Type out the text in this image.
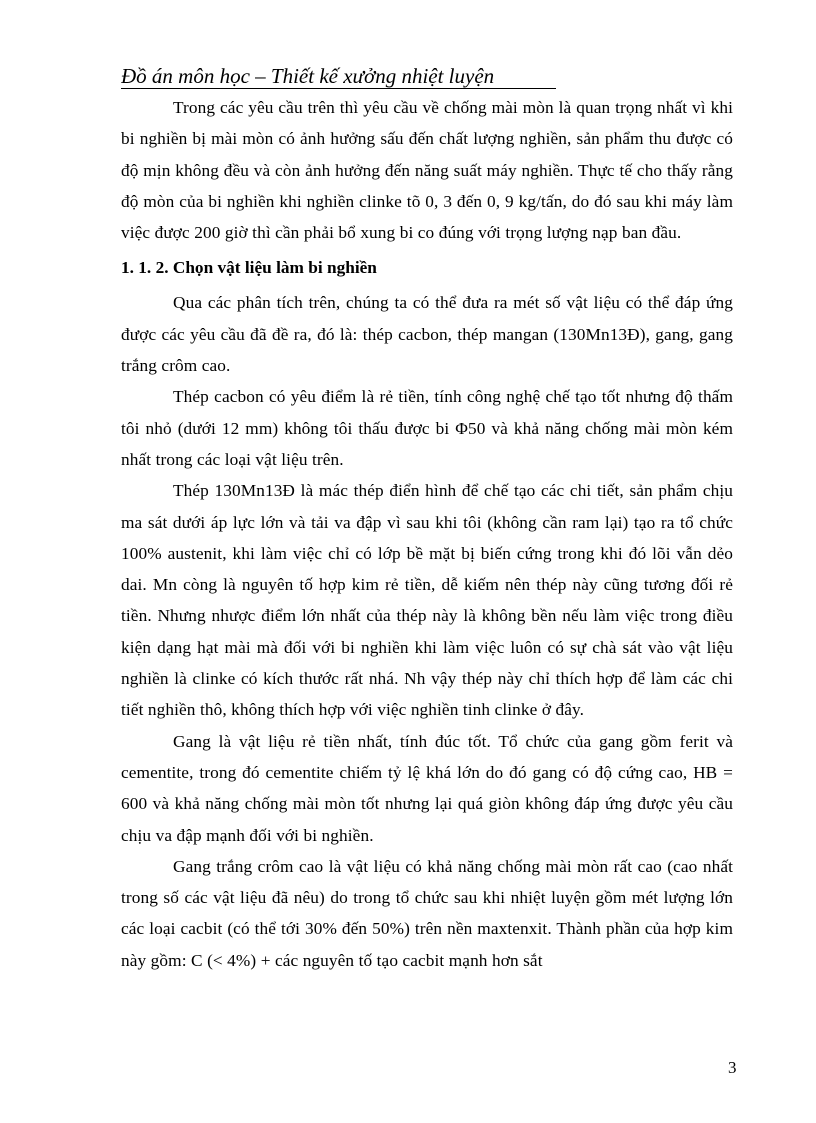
Đồ án môn học – Thiết kế xưởng nhiệt luyện

Trong các yêu cầu trên thì yêu cầu về chống mài mòn là quan trọng nhất vì khi bi nghiền bị mài mòn có ảnh hưởng sấu đến chất lượng nghiền, sản phẩm thu được có độ mịn không đều và còn ảnh hưởng đến năng suất máy nghiền. Thực tế cho thấy rằng độ mòn của bi nghiền khi nghiền clinke tõ 0, 3 đến 0, 9 kg/tấn, do đó sau khi máy làm việc được 200 giờ thì cần phải bổ xung bi co đúng với trọng lượng nạp ban đầu.

1. 1. 2. Chọn vật liệu làm bi nghiền

Qua các phân tích trên, chúng ta có thể đưa ra mét số vật liệu có thể đáp ứng được các yêu cầu đã đề ra, đó là: thép cacbon, thép mangan (130Mn13Đ), gang, gang trắng crôm cao.

Thép cacbon có yêu điểm là rẻ tiền, tính công nghệ chế tạo tốt nhưng độ thấm tôi nhỏ (dưới 12 mm) không tôi thấu được bi Φ50 và khả năng chống mài mòn kém nhất trong các loại vật liệu trên.

Thép 130Mn13Đ là mác thép điển hình để chế tạo các chi tiết, sản phẩm chịu ma sát dưới áp lực lớn và tải va đập vì sau khi tôi (không cần ram lại) tạo ra tổ chức 100% austenit, khi làm việc chỉ có lớp bề mặt bị biến cứng trong khi đó lõi vẫn dẻo dai. Mn còng là nguyên tố hợp kim rẻ tiền, dễ kiếm nên thép này cũng tương đối rẻ tiền. Nhưng nhược điểm lớn nhất của thép này là không bền nếu làm việc trong điều kiện dạng hạt mài mà đối với bi nghiền khi làm việc luôn có sự chà sát vào vật liệu nghiền là clinke có kích thước rất nhá. Nh vậy thép này chỉ thích hợp để làm các chi tiết nghiền thô, không thích hợp với việc nghiền tinh clinke ở đây.

Gang là vật liệu rẻ tiền nhất, tính đúc tốt. Tổ chức của gang gồm ferit và cementite, trong đó cementite chiếm tỷ lệ khá lớn do đó gang có độ cứng cao, HB = 600 và khả năng chống mài mòn tốt nhưng lại quá giòn không đáp ứng được yêu cầu chịu va đập mạnh đối với bi nghiền.

Gang trắng crôm cao là vật liệu có khả năng chống mài mòn rất cao (cao nhất trong số các vật liệu đã nêu) do trong tổ chức sau khi nhiệt luyện gồm mét lượng lớn các loại cacbit (có thể tới 30% đến 50%) trên nền maxtenxit. Thành phần của hợp kim này gồm: C (< 4%) + các nguyên tố tạo cacbit mạnh hơn sắt

3
